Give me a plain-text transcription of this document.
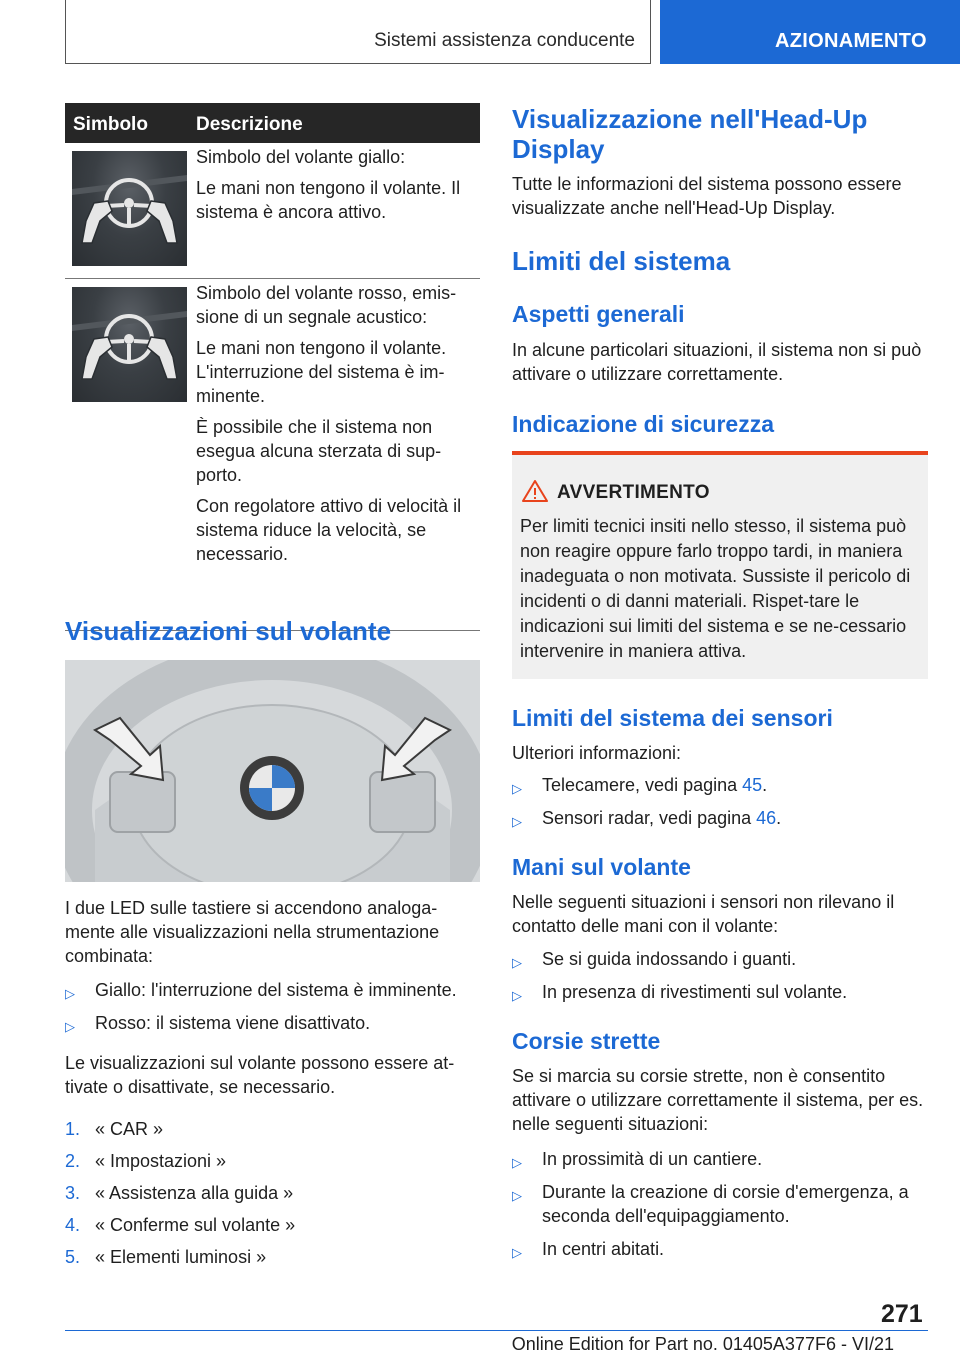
Sistemi assistenza conducente	AZIONAMENTO
Simbolo	Descrizione

Simbolo del volante giallo:

Le mani non tengono il volante. Il sistema è ancora attivo.

Simbolo del volante rosso, emis-sione di un segnale acustico:

Le mani non tengono il volante. L'interruzione del sistema è im-minente.

È possibile che il sistema non esegua alcuna sterzata di sup-porto.

Con regolatore attivo di velocità il sistema riduce la velocità, se necessario.

Visualizzazioni sul volante
I due LED sulle tastiere si accendono analoga-mente alle visualizzazioni nella strumentazione combinata:
▷ Giallo: l'interruzione del sistema è imminente.
▷ Rosso: il sistema viene disattivato.
Le visualizzazioni sul volante possono essere at-tivate o disattivate, se necessario.
1. « CAR »
2. « Impostazioni »
3. « Assistenza alla guida »
4. « Conferme sul volante »
5. « Elementi luminosi »
Visualizzazione nell'Head-Up Display
Tutte le informazioni del sistema possono essere visualizzate anche nell'Head-Up Display.
Limiti del sistema
Aspetti generali
In alcune particolari situazioni, il sistema non si può attivare o utilizzare correttamente.
Indicazione di sicurezza
AVVERTIMENTO
Per limiti tecnici insiti nello stesso, il sistema può non reagire oppure farlo troppo tardi, in maniera inadeguata o non motivata. Sussiste il pericolo di incidenti o di danni materiali. Rispet-tare le indicazioni sui limiti del sistema e se ne-cessario intervenire in maniera attiva.
Limiti del sistema dei sensori
Ulteriori informazioni:
▷ Telecamere, vedi pagina 45.
▷ Sensori radar, vedi pagina 46.
Mani sul volante
Nelle seguenti situazioni i sensori non rilevano il contatto delle mani con il volante:
▷ Se si guida indossando i guanti.
▷ In presenza di rivestimenti sul volante.
Corsie strette
Se si marcia su corsie strette, non è consentito attivare o utilizzare correttamente il sistema, per es. nelle seguenti situazioni:
▷ In prossimità di un cantiere.
▷ Durante la creazione di corsie d'emergenza, a seconda dell'equipaggiamento.
▷ In centri abitati.
271
Online Edition for Part no. 01405A377F6 - VI/21
